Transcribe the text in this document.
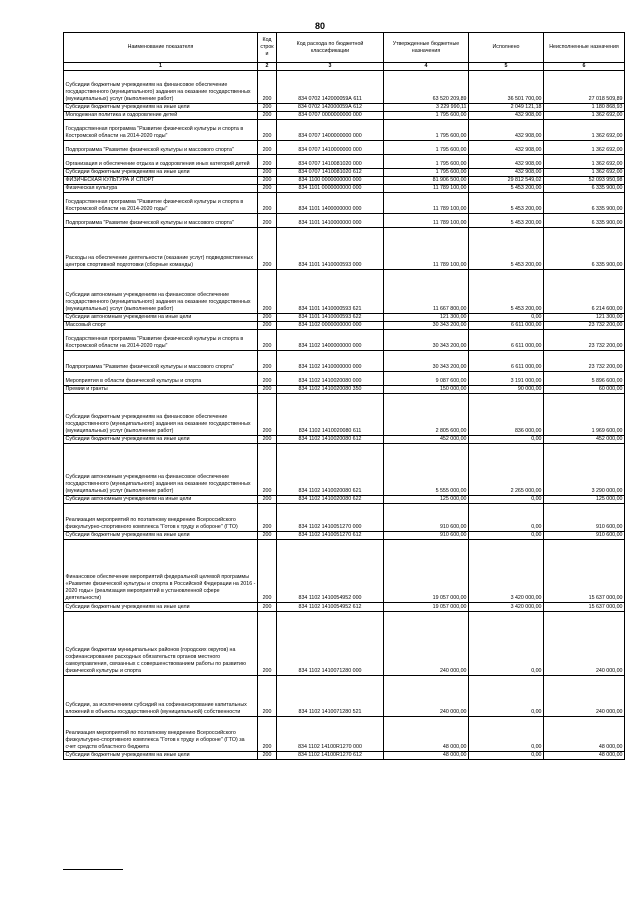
80
Наименование показателя	Код строк и	Код расхода по бюджетной классификации	Утвержденные бюджетные назначения	Исполнено	Неисполненные назначения
1	2	3	4	5	6
Субсидии бюджетным учреждениям на финансовое обеспечение государственного (муниципального) задания на оказание государственных (муниципальных) услуг (выполнение работ)	200	834 0702 142000059А 611	63 520 209,89	36 501 700,00	27 018 509,89
Субсидии бюджетным учреждениям на иные цели	200	834 0702 142000059А 612	3 229 990,11	2 049 121,18	1 180 868,93
Молодежная политика и оздоровление детей	200	834 0707 0000000000 000	1 795 600,00	432 908,00	1 362 692,00
Государственная программа "Развитие физической культуры и спорта в Костромской области на 2014-2020 годы"	200	834 0707 1400000000 000	1 795 600,00	432 908,00	1 362 692,00
Подпрограмма "Развитие физической культуры и массового спорта"	200	834 0707 1410000000 000	1 795 600,00	432 908,00	1 362 692,00
Организация и обеспечение отдыха и оздоровления иных категорий детей	200	834 0707 1410081020 000	1 795 600,00	432 908,00	1 362 692,00
Субсидии бюджетным учреждениям на иные цели	200	834 0707 1410081020 612	1 795 600,00	432 908,00	1 362 692,00
ФИЗИЧЕСКАЯ КУЛЬТУРА И СПОРТ	200	834 1100 0000000000 000	81 906 500,00	29 812 549,02	52 093 950,98
Физическая культура	200	834 1101 0000000000 000	11 789 100,00	5 453 200,00	6 335 900,00
Государственная программа "Развитие физической культуры и спорта в Костромской области на 2014-2020 годы"	200	834 1101 1400000000 000	11 789 100,00	5 453 200,00	6 335 900,00
Подпрограмма "Развитие физической культуры и массового спорта"	200	834 1101 1410000000 000	11 789 100,00	5 453 200,00	6 335 900,00
Расходы на обеспечение деятельности (оказание услуг) подведомственных центров спортивной подготовки (сборные команды)	200	834 1101 1410000593 000	11 789 100,00	5 453 200,00	6 335 900,00
Субсидии автономным учреждениям на финансовое обеспечение государственного (муниципального) задания на оказание государственных (муниципальных) услуг (выполнение работ)	200	834 1101 1410000593 621	11 667 800,00	5 453 200,00	6 214 600,00
Субсидии автономным учреждениям на иные цели	200	834 1101 1410000593 622	121 300,00	0,00	121 300,00
Массовый спорт	200	834 1102 0000000000 000	30 343 200,00	6 611 000,00	23 732 200,00
Государственная программа "Развитие физической культуры и спорта в Костромской области на 2014-2020 годы"	200	834 1102 1400000000 000	30 343 200,00	6 611 000,00	23 732 200,00
Подпрограмма "Развитие физической культуры и массового спорта"	200	834 1102 1410000000 000	30 343 200,00	6 611 000,00	23 732 200,00
Мероприятия в области физической культуры и спорта	200	834 1102 1410020080 000	9 087 600,00	3 191 000,00	5 896 600,00
Премии и гранты	200	834 1102 1410020080 350	150 000,00	90 000,00	60 000,00
Субсидии бюджетным учреждениям на финансовое обеспечение государственного (муниципального) задания на оказание государственных (муниципальных) услуг (выполнение работ)	200	834 1102 1410020080 611	2 805 600,00	836 000,00	1 969 600,00
Субсидии бюджетным учреждениям на иные цели	200	834 1102 1410020080 612	452 000,00	0,00	452 000,00
Субсидии автономным учреждениям на финансовое обеспечение государственного (муниципального) задания на оказание государственных (муниципальных) услуг (выполнение работ)	200	834 1102 1410020080 621	5 555 000,00	2 265 000,00	3 290 000,00
Субсидии автономным учреждениям на иные цели	200	834 1102 1410020080 622	125 000,00	0,00	125 000,00
Реализация мероприятий по поэтапному внедрению Всероссийского физкультурно-спортивного комплекса "Готов к труду и обороне" (ГТО)	200	834 1102 1410051270 000	910 600,00	0,00	910 600,00
Субсидии бюджетным учреждениям на иные цели	200	834 1102 1410051270 612	910 600,00	0,00	910 600,00
Финансовое обеспечение мероприятий федеральной целевой программы «Развитие физической культуры и спорта в Российской Федерации на 2016 - 2020 годы» (реализация мероприятий в установленной сфере деятельности)	200	834 1102 1410054952 000	19 057 000,00	3 420 000,00	15 637 000,00
Субсидии бюджетным учреждениям на иные цели	200	834 1102 1410054952 612	19 057 000,00	3 420 000,00	15 637 000,00
Субсидии бюджетам муниципальных районов (городских округов) на софинансирование расходных обязательств органов местного самоуправления, связанных с совершенствованием работы по развитию физической культуры и спорта	200	834 1102 1410071280 000	240 000,00	0,00	240 000,00
Субсидии, за исключением субсидий на софинансирование капитальных вложений в объекты государственной (муниципальной) собственности	200	834 1102 1410071280 521	240 000,00	0,00	240 000,00
Реализация мероприятий по поэтапному внедрению Всероссийского физкультурно-спортивного комплекса "Готов к труду и обороне" (ГТО) за счет средств областного бюджета	200	834 1102 14100R1270 000	48 000,00	0,00	48 000,00
Субсидии бюджетным учреждениям на иные цели	200	834 1102 14100R1270 612	48 000,00	0,00	48 000,00
